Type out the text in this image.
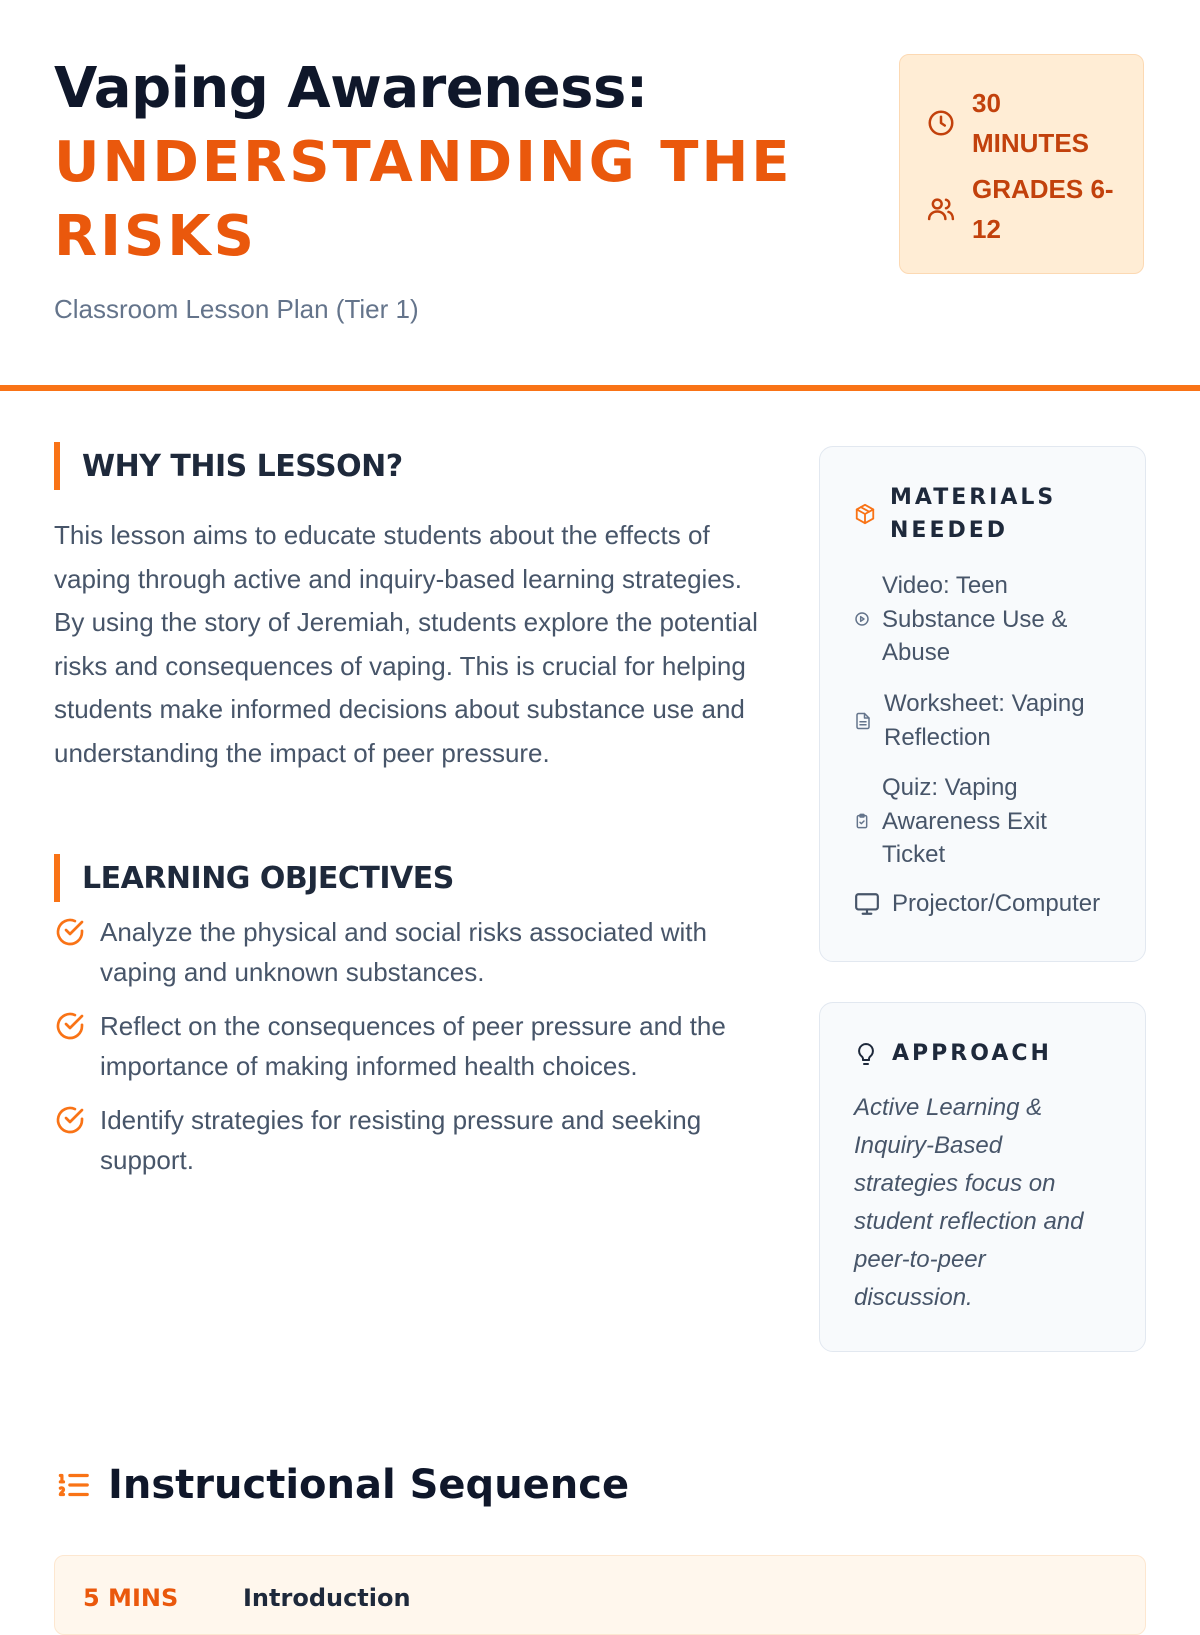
Vaping Awareness:
UNDERSTANDING THE RISKS
Classroom Lesson Plan (Tier 1)
30 MINUTES
GRADES 6-12
WHY THIS LESSON?

This lesson aims to educate students about the effects of vaping through active and inquiry-based learning strategies. By using the story of Jeremiah, students explore the potential risks and consequences of vaping. This is crucial for helping students make informed decisions about substance use and understanding the impact of peer pressure.

LEARNING OBJECTIVES
Analyze the physical and social risks associated with vaping and unknown substances.
Reflect on the consequences of peer pressure and the importance of making informed health choices.
Identify strategies for resisting pressure and seeking support.
MATERIALS NEEDED
Video: Teen Substance Use & Abuse
Worksheet: Vaping Reflection
Quiz: Vaping Awareness Exit Ticket
Projector/Computer
APPROACH

Active Learning & Inquiry-Based strategies focus on student reflection and peer-to-peer discussion.

Instructional Sequence
5 MINS	Introduction
